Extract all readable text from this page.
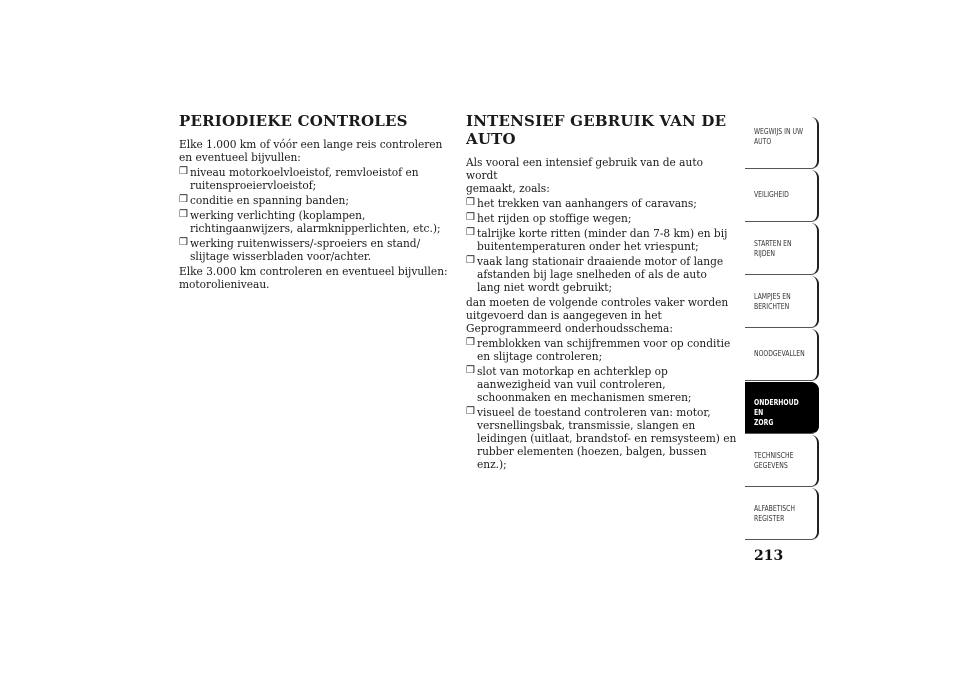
PERIODIEKE CONTROLES

Elke 1.000 km of vóór een lange reis controleren

en eventueel bijvullen:

❒ niveau motorkoelvloeistof, remvloeistof en

ruitensproeiervloeistof;

❒ conditie en spanning banden;

❒ werking verlichting (koplampen,

richtingaanwijzers, alarmknipperlichten, etc.);

❒ werking ruitenwissers/-sproeiers en stand/

slijtage wisserbladen voor/achter.

Elke 3.000 km controleren en eventueel bijvullen:

motorolieniveau.

INTENSIEF GEBRUIK VAN DE AUTO

Als vooral een intensief gebruik van de auto wordt

gemaakt, zoals:

❒ het trekken van aanhangers of caravans;

❒ het rijden op stoffige wegen;

❒ talrijke korte ritten (minder dan 7-8 km) en bij

buitentemperaturen onder het vriespunt;

❒ vaak lang stationair draaiende motor of lange

afstanden bij lage snelheden of als de auto

lang niet wordt gebruikt;

dan moeten de volgende controles vaker worden

uitgevoerd dan is aangegeven in het

Geprogrammeerd onderhoudsschema:

❒ remblokken van schijfremmen voor op conditie

en slijtage controleren;

❒ slot van motorkap en achterklep op

aanwezigheid van vuil controleren,

schoonmaken en mechanismen smeren;

❒ visueel de toestand controleren van: motor,

versnellingsbak, transmissie, slangen en

leidingen (uitlaat, brandstof- en remsysteem) en

rubber elementen (hoezen, balgen, bussen

enz.);

WEGWIJS IN UW
AUTO
VEILIGHEID
STARTEN EN
RIJDEN
LAMPJES EN
BERICHTEN
NOODGEVALLEN
ONDERHOUD EN
ZORG
TECHNISCHE
GEGEVENS
ALFABETISCH
REGISTER
213
